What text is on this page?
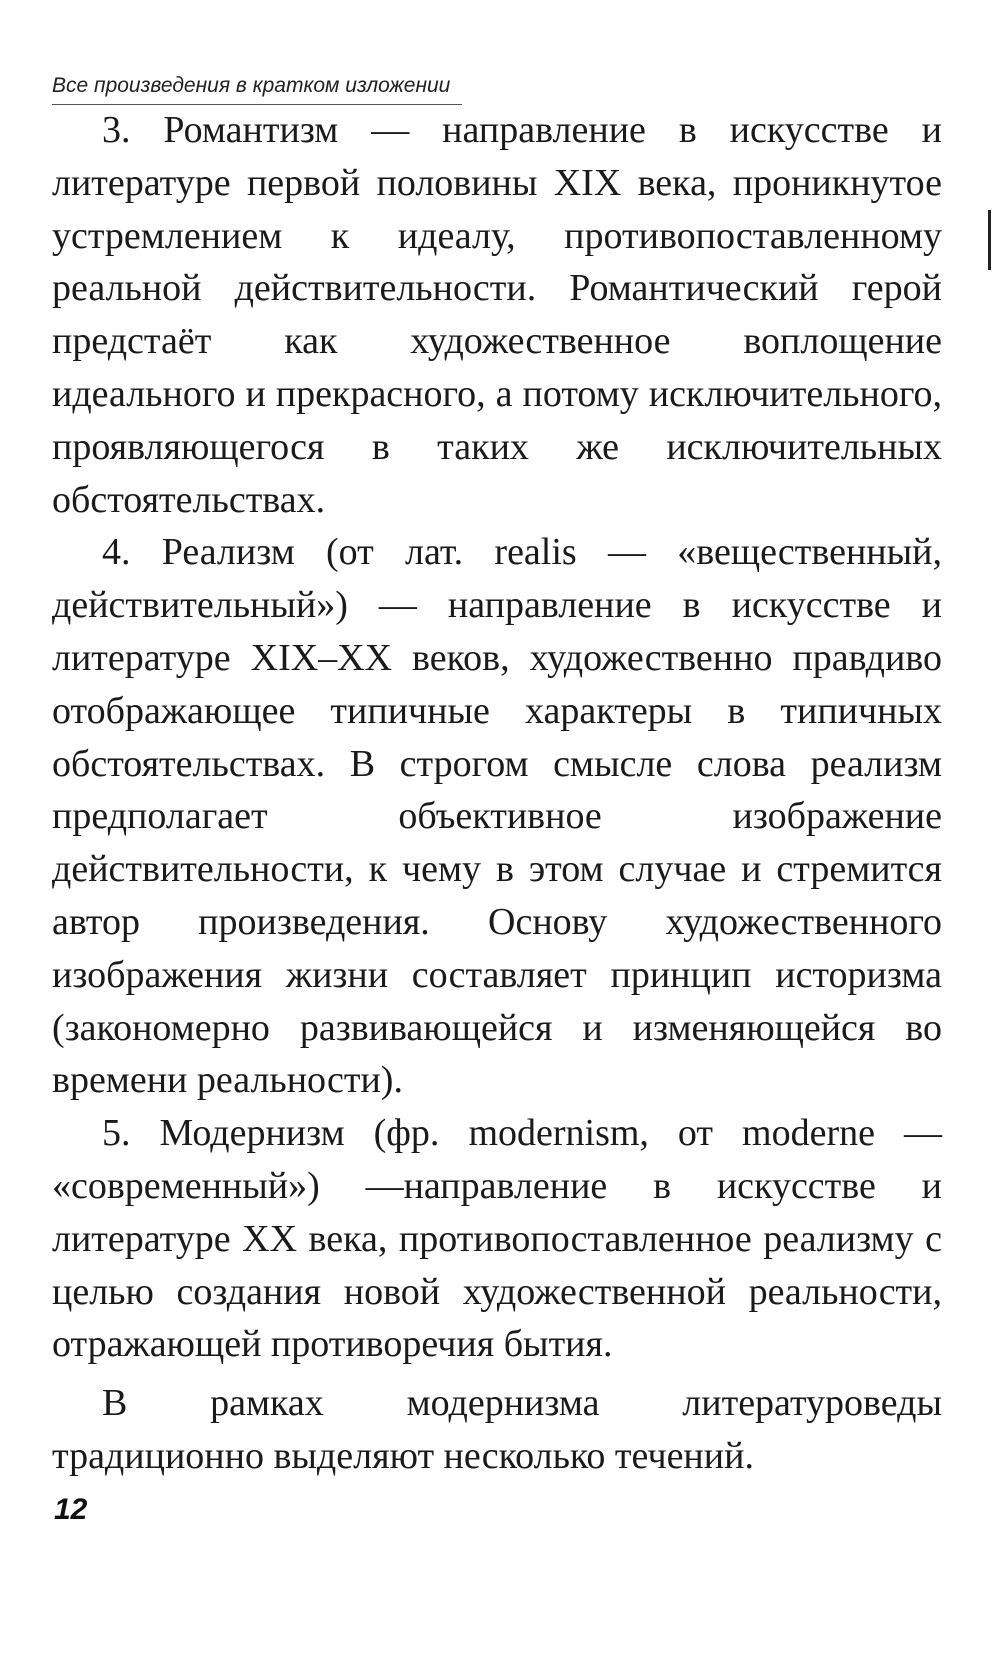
Все произведения в кратком изложении

3. Романтизм — направление в искусстве и литературе первой половины XIX века, проникнутое устремлением к идеалу, противопоставленному реальной действительности. Романтический герой предстаёт как художественное воплощение идеального и прекрасного, а потому исключительного, проявляющегося в таких же исключительных обстоятельствах.

4. Реализм (от лат. realis — «вещественный, действительный») — направление в искусстве и литературе XIX–XX веков, художественно правдиво отображающее типичные характеры в типичных обстоятельствах. В строгом смысле слова реализм предполагает объективное изображение действительности, к чему в этом случае и стремится автор произведения. Основу художественного изображения жизни составляет принцип историзма (закономерно развивающейся и изменяющейся во времени реальности).

5. Модернизм (фр. modernism, от moderne — «современный») —направление в искусстве и литературе XX века, противопоставленное реализму с целью создания новой художественной реальности, отражающей противоречия бытия.

В рамках модернизма литературоведы традиционно выделяют несколько течений.

12
